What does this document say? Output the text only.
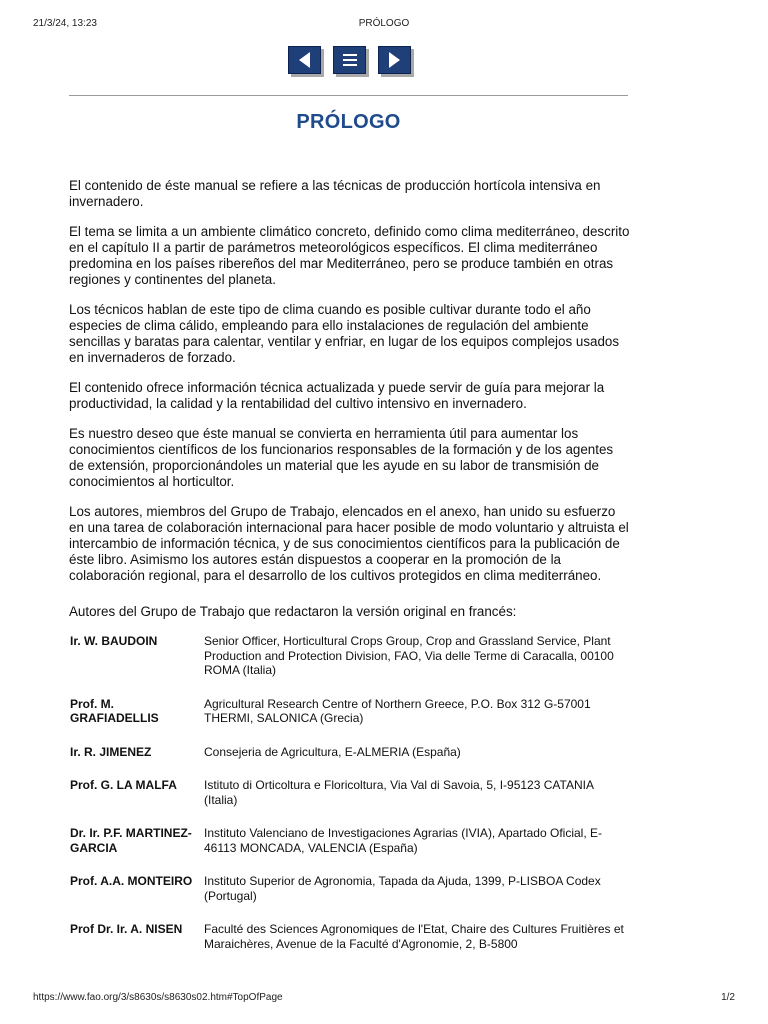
21/3/24, 13:23	PRÓLOGO
PRÓLOGO

El contenido de éste manual se refiere a las técnicas de producción hortícola intensiva en invernadero.

El tema se limita a un ambiente climático concreto, definido como clima mediterráneo, descrito en el capítulo II a partir de parámetros meteorológicos específicos. El clima mediterráneo predomina en los países ribereños del mar Mediterráneo, pero se produce también en otras regiones y continentes del planeta.

Los técnicos hablan de este tipo de clima cuando es posible cultivar durante todo el año especies de clima cálido, empleando para ello instalaciones de regulación del ambiente sencillas y baratas para calentar, ventilar y enfriar, en lugar de los equipos complejos usados en invernaderos de forzado.

El contenido ofrece información técnica actualizada y puede servir de guía para mejorar la productividad, la calidad y la rentabilidad del cultivo intensivo en invernadero.

Es nuestro deseo que éste manual se convierta en herramienta útil para aumentar los conocimientos científicos de los funcionarios responsables de la formación y de los agentes de extensión, proporcionándoles un material que les ayude en su labor de transmisión de conocimientos al horticultor.

Los autores, miembros del Grupo de Trabajo, elencados en el anexo, han unido su esfuerzo en una tarea de colaboración internacional para hacer posible de modo voluntario y altruista el intercambio de información técnica, y de sus conocimientos científicos para la publicación de éste libro. Asimismo los autores están dispuestos a cooperar en la promoción de la colaboración regional, para el desarrollo de los cultivos protegidos en clima mediterráneo.

Autores del Grupo de Trabajo que redactaron la versión original en francés:
Ir. W. BAUDOIN	Senior Officer, Horticultural Crops Group, Crop and Grassland Service, Plant Production and Protection Division, FAO, Via delle Terme di Caracalla, 00100 ROMA (Italia)

Prof. M. GRAFIADELLIS	Agricultural Research Centre of Northern Greece, P.O. Box 312 G-57001 THERMI, SALONICA (Grecia)

Ir. R. JIMENEZ	Consejeria de Agricultura, E-ALMERIA (España)

Prof. G. LA MALFA	Istituto di Orticoltura e Floricoltura, Via Val di Savoia, 5, I-95123 CATANIA (Italia)

Dr. Ir. P.F. MARTINEZ-GARCIA	Instituto Valenciano de Investigaciones Agrarias (IVIA), Apartado Oficial, E-46113 MONCADA, VALENCIA (España)

Prof. A.A. MONTEIRO	Instituto Superior de Agronomia, Tapada da Ajuda, 1399, P-LISBOA Codex (Portugal)

Prof Dr. Ir. A. NISEN	Faculté des Sciences Agronomiques de l'Etat, Chaire des Cultures Fruitières et Maraichères, Avenue de la Faculté d'Agronomie, 2, B-5800
https://www.fao.org/3/s8630s/s8630s02.htm#TopOfPage	1/2
